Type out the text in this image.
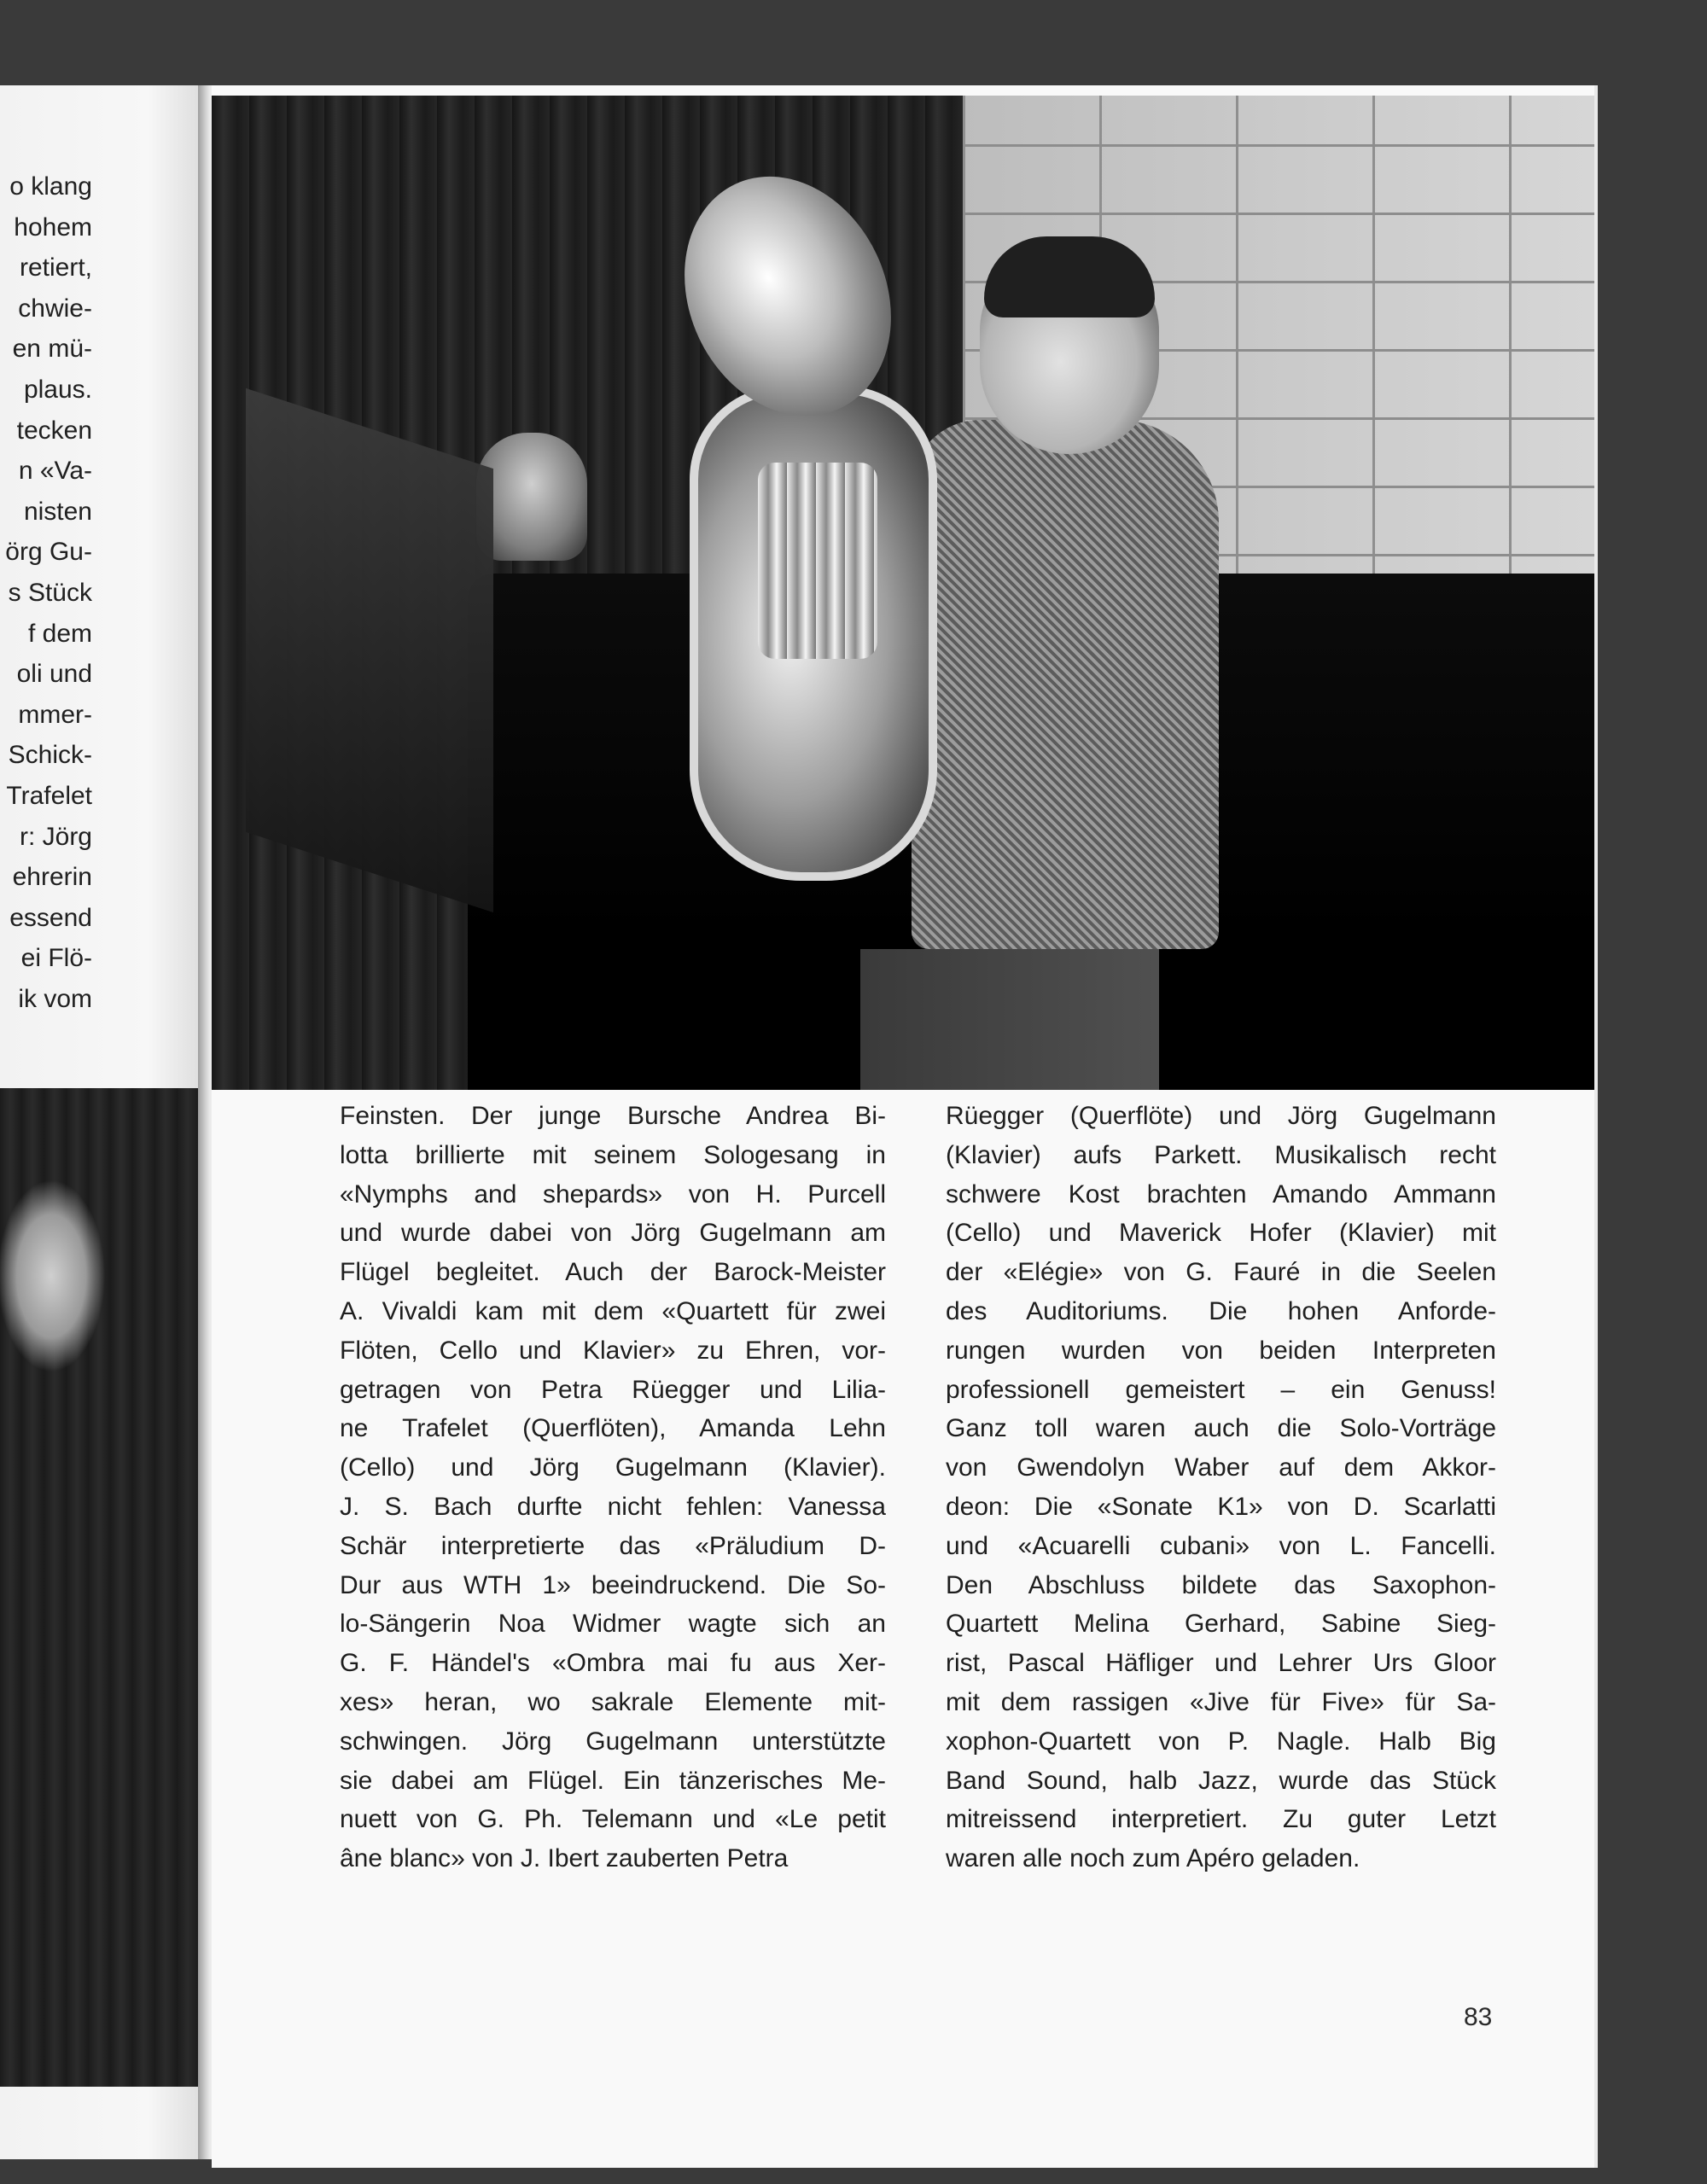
o klang
hohem
retiert,
chwie-
en mü-
plaus.
tecken
n «Va-
nisten
örg Gu-
s Stück
f dem
oli und
mmer-
Schick-
Trafelet
r: Jörg
ehrerin
essend
ei Flö-
ik vom
Feinsten. Der junge Bursche Andrea Bi-
lotta brillierte mit seinem Sologesang in
«Nymphs and shepards» von H. Purcell
und wurde dabei von Jörg Gugelmann am
Flügel begleitet. Auch der Barock-Meister
A. Vivaldi kam mit dem «Quartett für zwei
Flöten, Cello und Klavier» zu Ehren, vor-
getragen von Petra Rüegger und Lilia-
ne Trafelet (Querflöten), Amanda Lehn
(Cello) und Jörg Gugelmann (Klavier).
J. S. Bach durfte nicht fehlen: Vanessa
Schär interpretierte das «Präludium D-
Dur aus WTH 1» beeindruckend. Die So-
lo-Sängerin Noa Widmer wagte sich an
G. F. Händel's «Ombra mai fu aus Xer-
xes» heran, wo sakrale Elemente mit-
schwingen. Jörg Gugelmann unterstützte
sie dabei am Flügel. Ein tänzerisches Me-
nuett von G. Ph. Telemann und «Le petit
âne blanc» von J. Ibert zauberten Petra
Rüegger (Querflöte) und Jörg Gugelmann
(Klavier) aufs Parkett. Musikalisch recht
schwere Kost brachten Amando Ammann
(Cello) und Maverick Hofer (Klavier) mit
der «Elégie» von G. Fauré in die Seelen
des Auditoriums. Die hohen Anforde-
rungen wurden von beiden Interpreten
professionell gemeistert – ein Genuss!
Ganz toll waren auch die Solo-Vorträge
von Gwendolyn Waber auf dem Akkor-
deon: Die «Sonate K1» von D. Scarlatti
und «Acuarelli cubani» von L. Fancelli.
Den Abschluss bildete das Saxophon-
Quartett Melina Gerhard, Sabine Sieg-
rist, Pascal Häfliger und Lehrer Urs Gloor
mit dem rassigen «Jive für Five» für Sa-
xophon-Quartett von P. Nagle. Halb Big
Band Sound, halb Jazz, wurde das Stück
mitreissend interpretiert. Zu guter Letzt
waren alle noch zum Apéro geladen.
83
